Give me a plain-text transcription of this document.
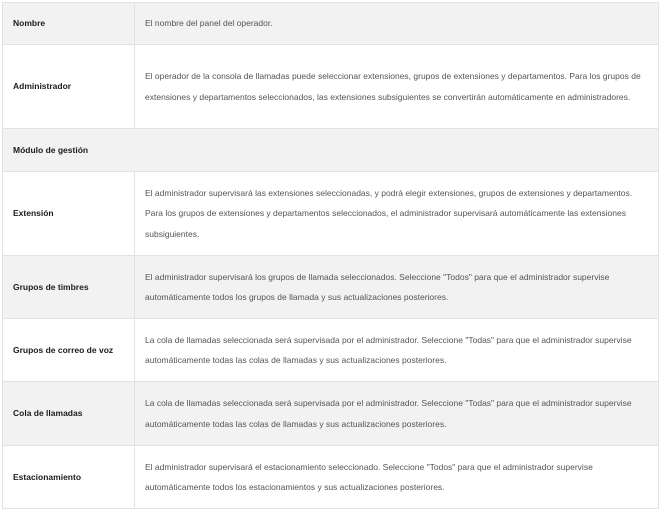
Nombre	El nombre del panel del operador.
Administrador	El operador de la consola de llamadas puede seleccionar extensiones, grupos de extensiones y departamentos. Para los grupos de extensiones y departamentos seleccionados, las extensiones subsiguientes se convertirán automáticamente en administradores.
Módulo de gestión	
Extensión	El administrador supervisará las extensiones seleccionadas, y podrá elegir extensiones, grupos de extensiones y departamentos. Para los grupos de extensiones y departamentos seleccionados, el administrador supervisará automáticamente las extensiones subsiguientes.
Grupos de timbres	El administrador supervisará los grupos de llamada seleccionados. Seleccione "Todos" para que el administrador supervise automáticamente todos los grupos de llamada y sus actualizaciones posteriores.
Grupos de correo de voz	La cola de llamadas seleccionada será supervisada por el administrador. Seleccione "Todas" para que el administrador supervise automáticamente todas las colas de llamadas y sus actualizaciones posteriores.
Cola de llamadas	La cola de llamadas seleccionada será supervisada por el administrador. Seleccione "Todas" para que el administrador supervise automáticamente todas las colas de llamadas y sus actualizaciones posteriores.
Estacionamiento	El administrador supervisará el estacionamiento seleccionado. Seleccione "Todos" para que el administrador supervise automáticamente todos los estacionamientos y sus actualizaciones posteriores.
